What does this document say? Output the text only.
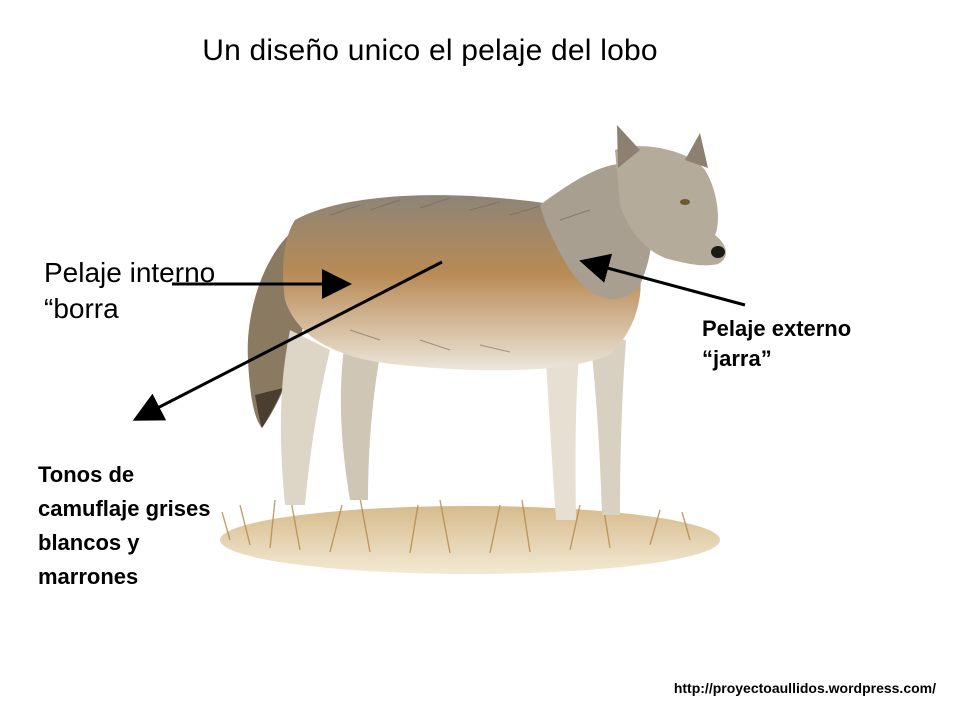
Un diseño unico el pelaje del lobo
Pelaje interno
“borra
Pelaje externo
“jarra”
Tonos de
camuflaje grises
blancos y
marrones
http://proyectoaullidos.wordpress.com/
